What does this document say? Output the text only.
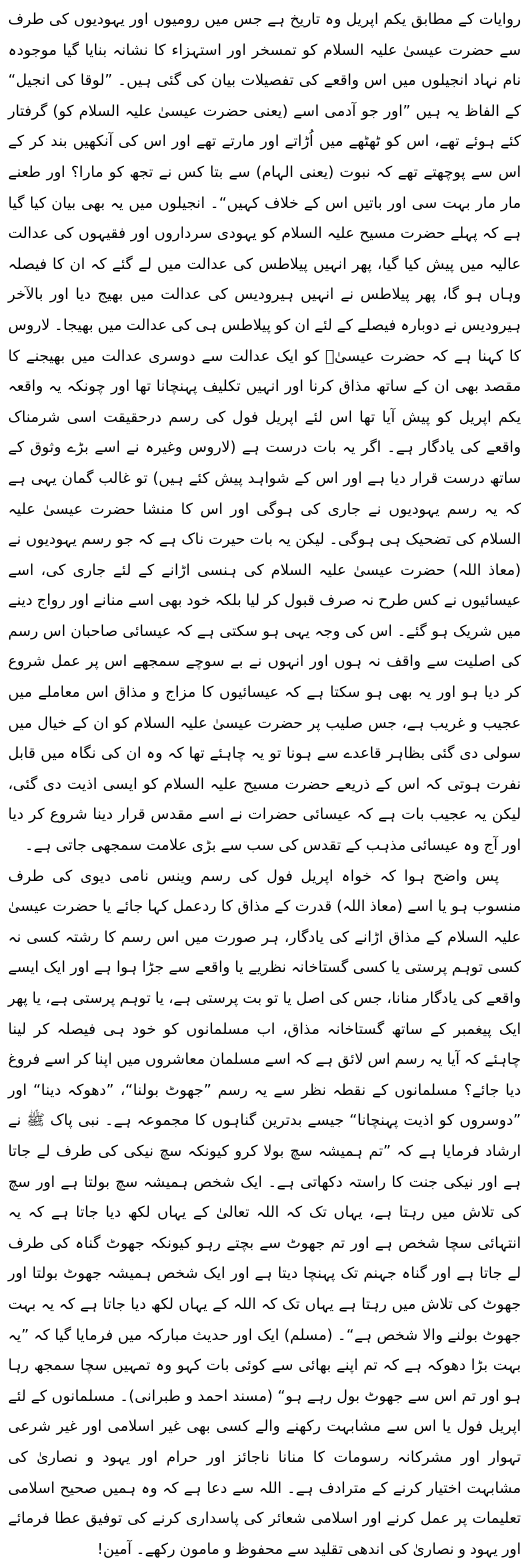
روایات کے مطابق یکم اپریل وہ تاریخ ہے جس میں رومیوں اور یہودیوں کی طرف سے حضرت عیسیٰ علیہ السلام کو تمسخر اور استہزاء کا نشانہ بنایا گیا موجودہ نام نہاد انجیلوں میں اس واقعے کی تفصیلات بیان کی گئی ہیں۔ ”لوقا کی انجیل“ کے الفاظ یہ ہیں ”اور جو آدمی اسے (یعنی حضرت عیسیٰ علیہ السلام کو) گرفتار کئے ہوئے تھے، اس کو ٹھٹھے میں اُڑاتے اور مارتے تھے اور اس کی آنکھیں بند کر کے اس سے پوچھتے تھے کہ نبوت (یعنی الہام) سے بتا کس نے تجھ کو مارا؟ اور طعنے مار مار بہت سی اور باتیں اس کے خلاف کہیں“۔ انجیلوں میں یہ بھی بیان کیا گیا ہے کہ پہلے حضرت مسیح علیہ السلام کو یہودی سرداروں اور فقیہوں کی عدالت عالیہ میں پیش کیا گیا، پھر انہیں پیلاطس کی عدالت میں لے گئے کہ ان کا فیصلہ وہاں ہو گا، پھر پیلاطس نے انہیں ہیرودیس کی عدالت میں بھیج دیا اور بالآخر ہیرودیس نے دوبارہ فیصلے کے لئے ان کو پیلاطس ہی کی عدالت میں بھیجا۔ لاروس کا کہنا ہے کہ حضرت عیسیٰؑ کو ایک عدالت سے دوسری عدالت میں بھیجنے کا مقصد بھی ان کے ساتھ مذاق کرنا اور انہیں تکلیف پہنچانا تھا اور چونکہ یہ واقعہ یکم اپریل کو پیش آیا تھا اس لئے اپریل فول کی رسم درحقیقت اسی شرمناک واقعے کی یادگار ہے۔ اگر یہ بات درست ہے (لاروس وغیرہ نے اسے بڑے وثوق کے ساتھ درست قرار دیا ہے اور اس کے شواہد پیش کئے ہیں) تو غالب گمان یہی ہے کہ یہ رسم یہودیوں نے جاری کی ہوگی اور اس کا منشا حضرت عیسیٰ علیہ السلام کی تضحیک ہی ہوگی۔ لیکن یہ بات حیرت ناک ہے کہ جو رسم یہودیوں نے (معاذ اللہ) حضرت عیسیٰ علیہ السلام کی ہنسی اڑانے کے لئے جاری کی، اسے عیسائیوں نے کس طرح نہ صرف قبول کر لیا بلکہ خود بھی اسے منانے اور رواج دینے میں شریک ہو گئے۔ اس کی وجہ یہی ہو سکتی ہے کہ عیسائی صاحبان اس رسم کی اصلیت سے واقف نہ ہوں اور انہوں نے بے سوچے سمجھے اس پر عمل شروع کر دیا ہو اور یہ بھی ہو سکتا ہے کہ عیسائیوں کا مزاج و مذاق اس معاملے میں عجیب و غریب ہے، جس صلیب پر حضرت عیسیٰ علیہ السلام کو ان کے خیال میں سولی دی گئی بظاہر قاعدے سے ہونا تو یہ چاہئے تھا کہ وہ ان کی نگاہ میں قابل نفرت ہوتی کہ اس کے ذریعے حضرت مسیح علیہ السلام کو ایسی اذیت دی گئی، لیکن یہ عجیب بات ہے کہ عیسائی حضرات نے اسے مقدس قرار دینا شروع کر دیا اور آج وہ عیسائی مذہب کے تقدس کی سب سے بڑی علامت سمجھی جاتی ہے۔

پس واضح ہوا کہ خواہ اپریل فول کی رسم وینس نامی دیوی کی طرف منسوب ہو یا اسے (معاذ اللہ) قدرت کے مذاق کا ردعمل کہا جائے یا حضرت عیسیٰ علیہ السلام کے مذاق اڑانے کی یادگار، ہر صورت میں اس رسم کا رشتہ کسی نہ کسی توہم پرستی یا کسی گستاخانہ نظریے یا واقعے سے جڑا ہوا ہے اور ایک ایسے واقعے کی یادگار منانا، جس کی اصل یا تو بت پرستی ہے، یا توہم پرستی ہے، یا پھر ایک پیغمبر کے ساتھ گستاخانہ مذاق، اب مسلمانوں کو خود ہی فیصلہ کر لینا چاہئے کہ آیا یہ رسم اس لائق ہے کہ اسے مسلمان معاشروں میں اپنا کر اسے فروغ دیا جائے؟ مسلمانوں کے نقطہ نظر سے یہ رسم ”جھوٹ بولنا“، ”دھوکہ دینا“ اور ”دوسروں کو اذیت پہنچانا“ جیسے بدترین گناہوں کا مجموعہ ہے۔ نبی پاک ﷺ نے ارشاد فرمایا ہے کہ ”تم ہمیشہ سچ بولا کرو کیونکہ سچ نیکی کی طرف لے جاتا ہے اور نیکی جنت کا راستہ دکھاتی ہے۔ ایک شخص ہمیشہ سچ بولتا ہے اور سچ کی تلاش میں رہتا ہے، یہاں تک کہ اللہ تعالیٰ کے یہاں لکھ دیا جاتا ہے کہ یہ انتہائی سچا شخص ہے اور تم جھوٹ سے بچتے رہو کیونکہ جھوٹ گناہ کی طرف لے جاتا ہے اور گناہ جہنم تک پہنچا دیتا ہے اور ایک شخص ہمیشہ جھوٹ بولتا اور جھوٹ کی تلاش میں رہتا ہے یہاں تک کہ اللہ کے یہاں لکھ دیا جاتا ہے کہ یہ بہت جھوٹ بولنے والا شخص ہے“۔ (مسلم) ایک اور حدیث مبارکہ میں فرمایا گیا کہ ”یہ بہت بڑا دھوکہ ہے کہ تم اپنے بھائی سے کوئی بات کہو وہ تمہیں سچا سمجھ رہا ہو اور تم اس سے جھوٹ بول رہے ہو“ (مسند احمد و طبرانی)۔ مسلمانوں کے لئے اپریل فول یا اس سے مشابہت رکھنے والے کسی بھی غیر اسلامی اور غیر شرعی تہوار اور مشرکانہ رسومات کا منانا ناجائز اور حرام اور یہود و نصاریٰ کی مشابہت اختیار کرنے کے مترادف ہے۔ اللہ سے دعا ہے کہ وہ ہمیں صحیح اسلامی تعلیمات پر عمل کرنے اور اسلامی شعائر کی پاسداری کرنے کی توفیق عطا فرمائے اور یہود و نصاریٰ کی اندھی تقلید سے محفوظ و مامون رکھے۔ آمین!
